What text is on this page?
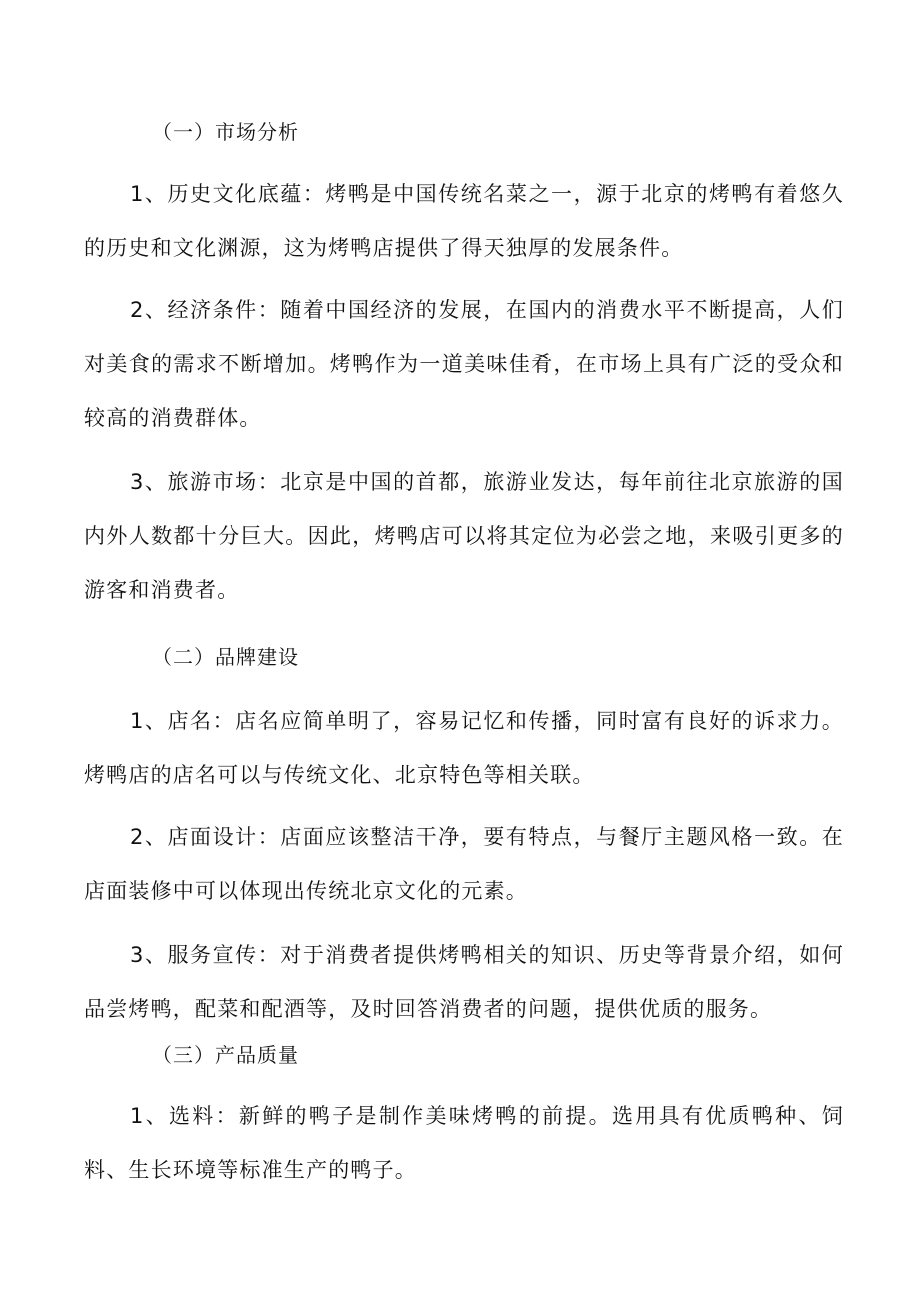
（一）市场分析
1、历史文化底蕴：烤鸭是中国传统名菜之一，源于北京的烤鸭有着悠久的历史和文化渊源，这为烤鸭店提供了得天独厚的发展条件。
2、经济条件：随着中国经济的发展，在国内的消费水平不断提高，人们对美食的需求不断增加。烤鸭作为一道美味佳肴，在市场上具有广泛的受众和较高的消费群体。
3、旅游市场：北京是中国的首都，旅游业发达，每年前往北京旅游的国内外人数都十分巨大。因此，烤鸭店可以将其定位为必尝之地，来吸引更多的游客和消费者。
（二）品牌建设
1、店名：店名应简单明了，容易记忆和传播，同时富有良好的诉求力。烤鸭店的店名可以与传统文化、北京特色等相关联。
2、店面设计：店面应该整洁干净，要有特点，与餐厅主题风格一致。在店面装修中可以体现出传统北京文化的元素。
3、服务宣传：对于消费者提供烤鸭相关的知识、历史等背景介绍，如何品尝烤鸭，配菜和配酒等，及时回答消费者的问题，提供优质的服务。
（三）产品质量
1、选料：新鲜的鸭子是制作美味烤鸭的前提。选用具有优质鸭种、饲料、生长环境等标准生产的鸭子。
